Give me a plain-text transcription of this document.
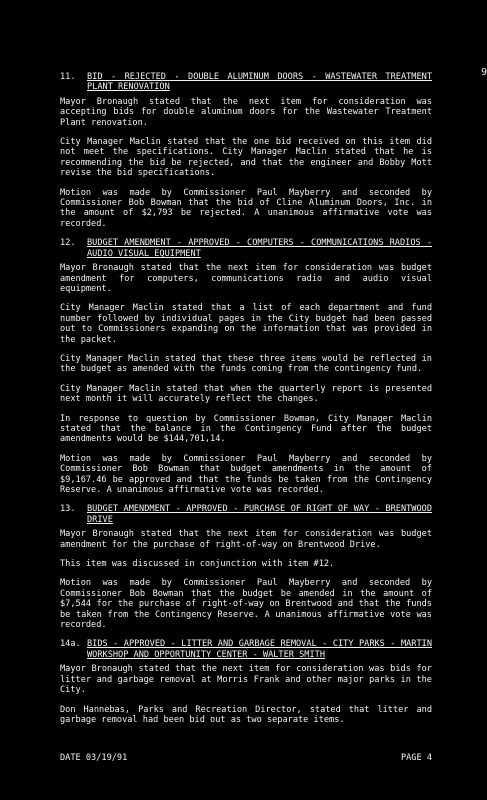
9
11.	BID - REJECTED - DOUBLE ALUMINUM DOORS - WASTEWATER TREATMENT PLANT RENOVATION

Mayor Bronaugh stated that the next item for consideration was accepting bids for double aluminum doors for the Wastewater Treatment Plant renovation.

City Manager Maclin stated that the one bid received on this item did not meet the specifications. City Manager Maclin stated that he is recommending the bid be rejected, and that the engineer and Bobby Mott revise the bid specifications.

Motion was made by Commissioner Paul Mayberry and seconded by Commissioner Bob Bowman that the bid of Cline Aluminum Doors, Inc. in the amount of $2,793 be rejected. A unanimous affirmative vote was recorded.

12.	BUDGET AMENDMENT - APPROVED - COMPUTERS - COMMUNICATIONS RADIOS - AUDIO VISUAL EQUIPMENT

Mayor Bronaugh stated that the next item for consideration was budget amendment for computers, communications radio and audio visual equipment.

City Manager Maclin stated that a list of each department and fund number followed by individual pages in the City budget had been passed out to Commissioners expanding on the information that was provided in the packet.

City Manager Maclin stated that these three items would be reflected in the budget as amended with the funds coming from the contingency fund.

City Manager Maclin stated that when the quarterly report is presented next month it will accurately reflect the changes.

In response to question by Commissioner Bowman, City Manager Maclin stated that the balance in the Contingency Fund after the budget amendments would be $144,701,14.

Motion was made by Commissioner Paul Mayberry and seconded by Commissioner Bob Bowman that budget amendments in the amount of $9,167.46 be approved and that the funds be taken from the Contingency Reserve. A unanimous affirmative vote was recorded.

13.	BUDGET AMENDMENT - APPROVED - PURCHASE OF RIGHT OF WAY - BRENTWOOD DRIVE

Mayor Bronaugh stated that the next item for consideration was budget amendment for the purchase of right-of-way on Brentwood Drive.

This item was discussed in conjunction with item #12.

Motion was made by Commissioner Paul Mayberry and seconded by Commissioner Bob Bowman that the budget be amended in the amount of $7,544 for the purchase of right-of-way on Brentwood and that the funds be taken from the Contingency Reserve. A unanimous affirmative vote was recorded.

14a. BIDS - APPROVED - LITTER AND GARBAGE REMOVAL - CITY PARKS - MARTIN WORKSHOP AND OPPORTUNITY CENTER - WALTER SMITH

Mayor Bronaugh stated that the next item for consideration was bids for litter and garbage removal at Morris Frank and other major parks in the City.

Don Hannebas, Parks and Recreation Director, stated that litter and garbage removal had been bid out as two separate items.

DATE 03/19/91	PAGE 4
